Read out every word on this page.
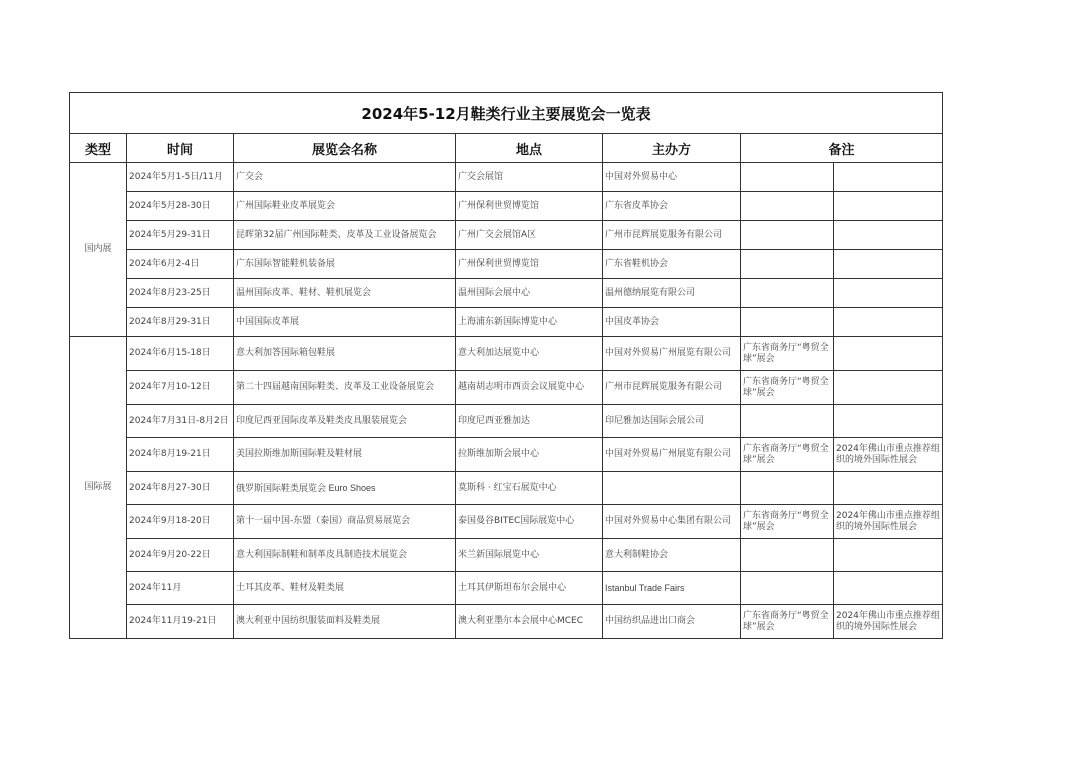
2024年5-12月鞋类行业主要展览会一览表						
类型	时间	展览会名称	地点	主办方	备注	
国内展	2024年5月1-5日/11月	广交会	广交会展馆	中国对外贸易中心		
	2024年5月28-30日	广州国际鞋业皮革展览会	广州保利世贸博览馆	广东省皮革协会		
	2024年5月29-31日	昆晖第32届广州国际鞋类、皮革及工业设备展览会	广州广交会展馆A区	广州市昆辉展览服务有限公司		
	2024年6月2-4日	广东国际智能鞋机装备展	广州保利世贸博览馆	广东省鞋机协会		
	2024年8月23-25日	温州国际皮革、鞋材、鞋机展览会	温州国际会展中心	温州德纳展览有限公司		
	2024年8月29-31日	中国国际皮革展	上海浦东新国际博览中心	中国皮革协会		
国际展	2024年6月15-18日	意大利加答国际箱包鞋展	意大利加达展览中心	中国对外贸易广州展览有限公司	广东省商务厅“粤贸全球”展会	
	2024年7月10-12日	第二十四届越南国际鞋类、皮革及工业设备展览会	越南胡志明市西贡会议展览中心	广州市昆辉展览服务有限公司	广东省商务厅“粤贸全球”展会	
	2024年7月31日-8月2日	印度尼西亚国际皮革及鞋类皮具服装展览会	印度尼西亚雅加达	印尼雅加达国际会展公司		
	2024年8月19-21日	美国拉斯维加斯国际鞋及鞋材展	拉斯维加斯会展中心	中国对外贸易广州展览有限公司	广东省商务厅“粤贸全球”展会	2024年佛山市重点推荐组织的境外国际性展会
	2024年8月27-30日	俄罗斯国际鞋类展览会 Euro Shoes	莫斯科 · 红宝石展览中心			
	2024年9月18-20日	第十一届中国-东盟（泰国）商品贸易展览会	泰国曼谷BITEC国际展览中心	中国对外贸易中心集团有限公司	广东省商务厅“粤贸全球”展会	2024年佛山市重点推荐组织的境外国际性展会
	2024年9月20-22日	意大利国际制鞋和制革皮具制造技术展览会	米兰新国际展览中心	意大利制鞋协会		
	2024年11月	土耳其皮革、鞋材及鞋类展	土耳其伊斯坦布尔会展中心	Istanbul Trade Fairs		
	2024年11月19-21日	澳大利亚中国纺织服装面料及鞋类展	澳大利亚墨尔本会展中心MCEC	中国纺织品进出口商会	广东省商务厅“粤贸全球”展会	2024年佛山市重点推荐组织的境外国际性展会
